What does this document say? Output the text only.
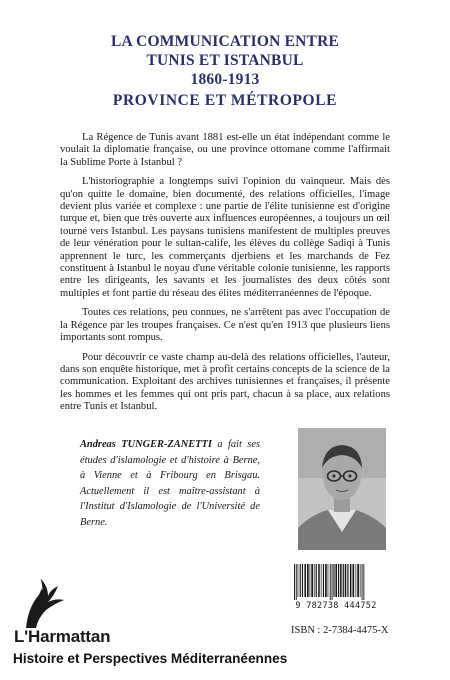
LA COMMUNICATION ENTRE
TUNIS ET ISTANBUL
1860-1913
PROVINCE ET MÉTROPOLE

La Régence de Tunis avant 1881 est-elle un état indépendant comme le voulait la diplomatie française, ou une province ottomane comme l'affirmait la Sublime Porte à Istanbul ?

L'historiographie a longtemps suivi l'opinion du vainqueur. Mais dès qu'on quitte le domaine, bien documenté, des relations officielles, l'image devient plus variée et complexe : une partie de l'élite tunisienne est d'origine turque et, bien que très ouverte aux influences européennes, a toujours un œil tourné vers Istanbul. Les paysans tunisiens manifestent de multiples preuves de leur vénération pour le sultan-calife, les élèves du collège Sadiqi à Tunis apprennent le turc, les commerçants djerbiens et les marchands de Fez constituent à Istanbul le noyau d'une véritable colonie tunisienne, les rapports entre les dirigeants, les savants et les journalistes des deux côtés sont multiples et font partie du réseau des élites méditerranéennes de l'époque.

Toutes ces relations, peu connues, ne s'arrêtent pas avec l'occupation de la Régence par les troupes françaises. Ce n'est qu'en 1913 que plusieurs liens importants sont rompus.

Pour découvrir ce vaste champ au-delà des relations officielles, l'auteur, dans son enquête historique, met à profit certains concepts de la science de la communication. Exploitant des archives tunisiennes et françaises, il présente les hommes et les femmes qui ont pris part, chacun à sa place, aux relations entre Tunis et Istanbul.

Andreas TUNGER-ZANETTI a fait ses études d'islamologie et d'histoire à Berne, à Vienne et à Fribourg en Brisgau. Actuellement il est maître-assistant à l'Institut d'Islamologie de l'Université de Berne.
9 782738 444752
ISBN : 2-7384-4475-X
L'Harmattan
Histoire et Perspectives Méditerranéennes
